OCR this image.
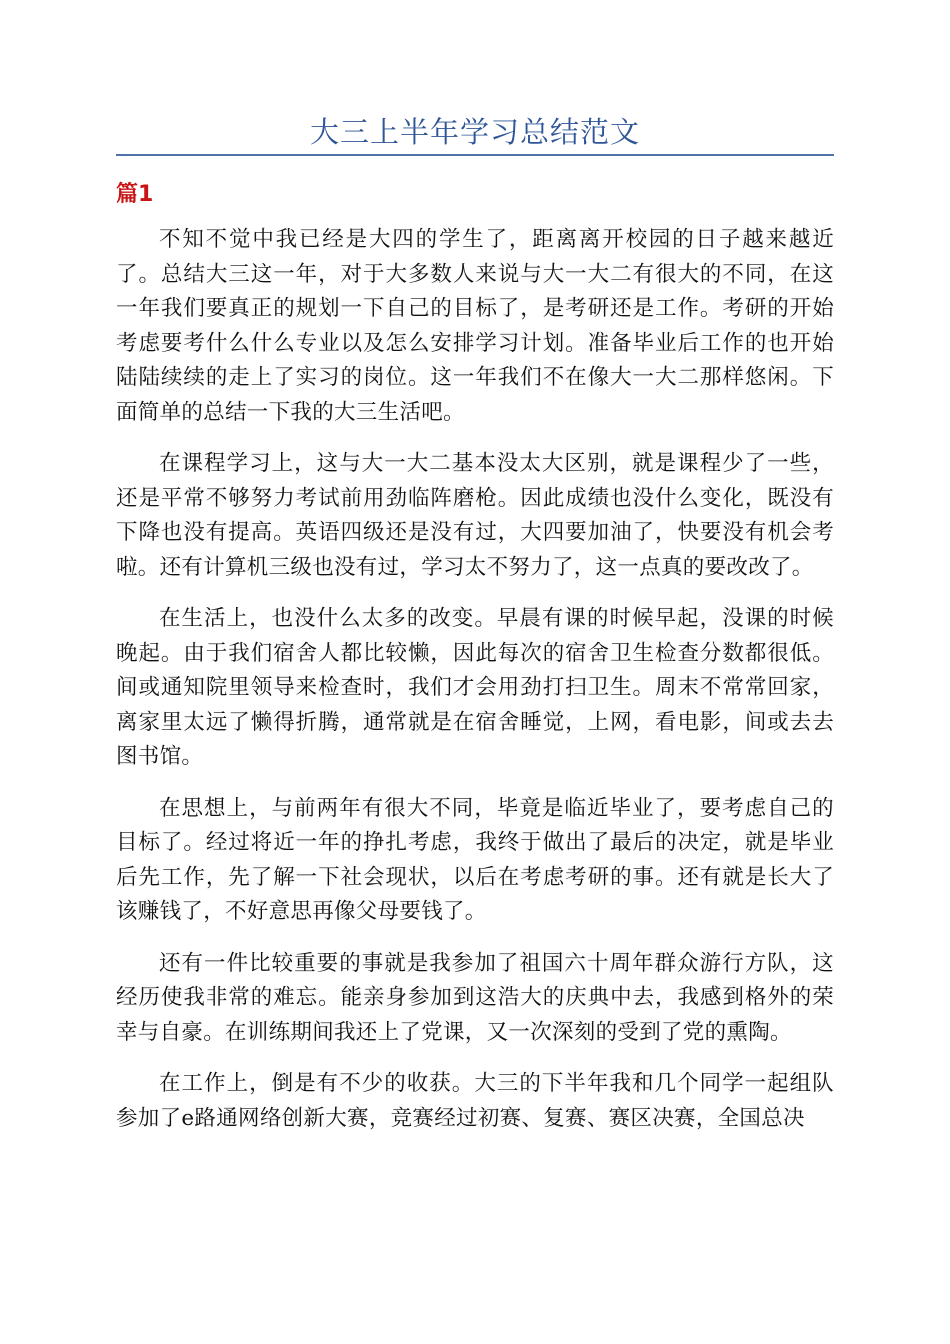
大三上半年学习总结范文
篇1

不知不觉中我已经是大四的学生了，距离离开校园的日子越来越近了。总结大三这一年，对于大多数人来说与大一大二有很大的不同，在这一年我们要真正的规划一下自己的目标了，是考研还是工作。考研的开始考虑要考什么什么专业以及怎么安排学习计划。准备毕业后工作的也开始陆陆续续的走上了实习的岗位。这一年我们不在像大一大二那样悠闲。下面简单的总结一下我的大三生活吧。

在课程学习上，这与大一大二基本没太大区别，就是课程少了一些，还是平常不够努力考试前用劲临阵磨枪。因此成绩也没什么变化，既没有下降也没有提高。英语四级还是没有过，大四要加油了，快要没有机会考啦。还有计算机三级也没有过，学习太不努力了，这一点真的要改改了。

在生活上，也没什么太多的改变。早晨有课的时候早起，没课的时候晚起。由于我们宿舍人都比较懒，因此每次的宿舍卫生检查分数都很低。间或通知院里领导来检查时，我们才会用劲打扫卫生。周末不常常回家，离家里太远了懒得折腾，通常就是在宿舍睡觉，上网，看电影，间或去去图书馆。

在思想上，与前两年有很大不同，毕竟是临近毕业了，要考虑自己的目标了。经过将近一年的挣扎考虑，我终于做出了最后的决定，就是毕业后先工作，先了解一下社会现状，以后在考虑考研的事。还有就是长大了该赚钱了，不好意思再像父母要钱了。

还有一件比较重要的事就是我参加了祖国六十周年群众游行方队，这经历使我非常的难忘。能亲身参加到这浩大的庆典中去，我感到格外的荣幸与自豪。在训练期间我还上了党课，又一次深刻的受到了党的熏陶。

在工作上，倒是有不少的收获。大三的下半年我和几个同学一起组队参加了e路通网络创新大赛，竞赛经过初赛、复赛、赛区决赛，全国总决
